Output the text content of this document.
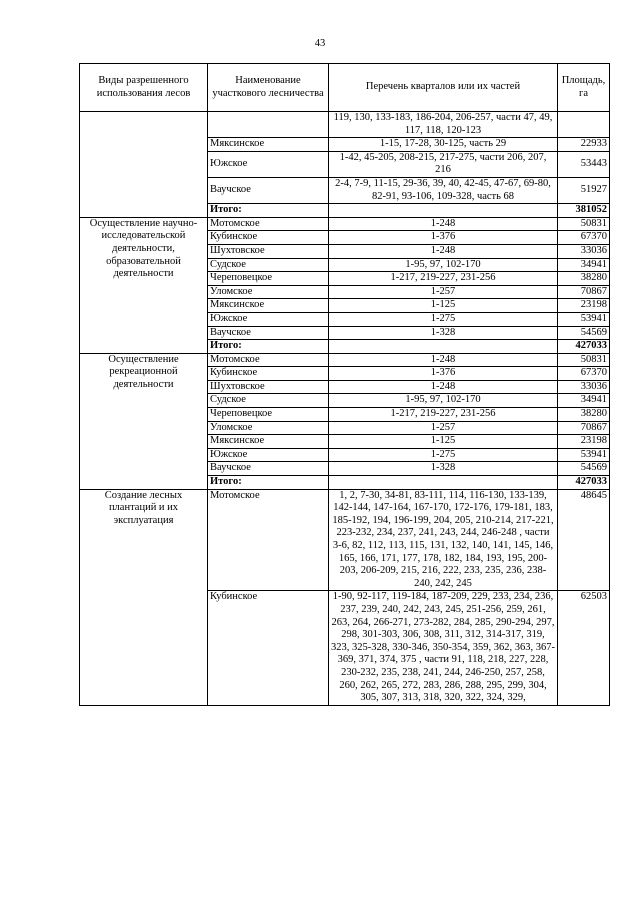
43
Виды разрешенного использования лесов	Наименование участкового лесничества	Перечень кварталов или их частей	Площадь, га
		119, 130, 133-183, 186-204, 206-257, части 47, 49, 117, 118, 120-123	
	Мяксинское	1-15, 17-28, 30-125, часть 29	22933
	Южское	1-42, 45-205, 208-215, 217-275, части 206, 207, 216	53443
	Ваучское	2-4, 7-9, 11-15, 29-36, 39, 40, 42-45, 47-67, 69-80, 82-91, 93-106, 109-328, часть 68	51927
	Итого:		381052
Осуществление научно-исследовательской деятельности, образовательной деятельности	Мотомское	1-248	50831
	Кубинское	1-376	67370
	Шухтовское	1-248	33036
	Судское	1-95, 97, 102-170	34941
	Череповецкое	1-217, 219-227, 231-256	38280
	Уломское	1-257	70867
	Мяксинское	1-125	23198
	Южское	1-275	53941
	Ваучское	1-328	54569
	Итого:		427033
Осуществление рекреационной деятельности	Мотомское	1-248	50831
	Кубинское	1-376	67370
	Шухтовское	1-248	33036
	Судское	1-95, 97, 102-170	34941
	Череповецкое	1-217, 219-227, 231-256	38280
	Уломское	1-257	70867
	Мяксинское	1-125	23198
	Южское	1-275	53941
	Ваучское	1-328	54569
	Итого:		427033
Создание лесных плантаций и их эксплуатация	Мотомское	1, 2, 7-30, 34-81, 83-111, 114, 116-130, 133-139, 142-144, 147-164, 167-170, 172-176, 179-181, 183, 185-192, 194, 196-199, 204, 205, 210-214, 217-221, 223-232, 234, 237, 241, 243, 244, 246-248 , части 3-6, 82, 112, 113, 115, 131, 132, 140, 141, 145, 146, 165, 166, 171, 177, 178, 182, 184, 193, 195, 200-203, 206-209, 215, 216, 222, 233, 235, 236, 238-240, 242, 245	48645
	Кубинское	1-90, 92-117, 119-184, 187-209, 229, 233, 234, 236, 237, 239, 240, 242, 243, 245, 251-256, 259, 261, 263, 264, 266-271, 273-282, 284, 285, 290-294, 297, 298, 301-303, 306, 308, 311, 312, 314-317, 319, 323, 325-328, 330-346, 350-354, 359, 362, 363, 367-369, 371, 374, 375 , части 91, 118, 218, 227, 228, 230-232, 235, 238, 241, 244, 246-250, 257, 258, 260, 262, 265, 272, 283, 286, 288, 295, 299, 304, 305, 307, 313, 318, 320, 322, 324, 329,	62503
